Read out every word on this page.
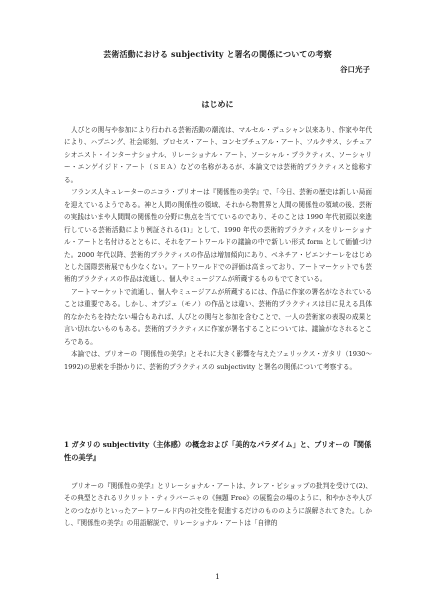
芸術活動における subjectivity と署名の関係についての考察
谷口光子
はじめに

人びとの関与や参加により行われる芸術活動の潮流は、マルセル・デュシャン以来あり、作家や年代により、ハプニング、社会彫刻、プロセス・アート、コンセプチュアル・アート、フルクサス、シチュアシオニスト・インターナショナル、リレーショナル・アート、ソーシャル・プラクティス、ソーシャリー・エンゲイジド・アート（ＳＥＡ）などの名称があるが、本論文では芸術的プラクティスと総称する。

フランス人キュレーターのニコラ・ブリオーは『関係性の美学』で、「今日、芸術の歴史は新しい局面を迎えているようである。神と人間の関係性の領域、それから物質界と人間の関係性の領域の後、芸術の実践はいまや人間間の関係性の分野に焦点を当てているのであり、そのことは 1990 年代初頭以来進行している芸術活動により例証される(1)」として、1990 年代の芸術的プラクティスをリレーショナル・アートと名付けるとともに、それをアートワールドの議論の中で新しい形式 form として価値づけた。2000 年代以降、芸術的プラクティスの作品は増加傾向にあり、ベネチア・ビエンナーレをはじめとした国際芸術展でも少なくない。アートワールドでの評価は高まっており、アートマーケットでも芸術的プラクティスの作品は流通し、個人やミュージアムが所蔵するものもでてきている。

アートマーケットで流通し、個人やミュージアムが所蔵するには、作品に作家の署名がなされていることは重要である。しかし、オブジェ（モノ）の作品とは違い、芸術的プラクティスは目に見える具体的なかたちを持たない場合もあれば、人びとの関与と参加を含むことで、一人の芸術家の表現の成果と言い切れないものもある。芸術的プラクティスに作家が署名することについては、議論がなされるところである。

本論では、ブリオーの『関係性の美学』とそれに大きく影響を与えたフェリックス・ガタリ（1930〜1992)の思索を手掛かりに、芸術的プラクティスの subjectivity と署名の関係について考察する。

1 ガタリの subjectivity（主体感）の概念および「美的なパラダイム」と、ブリオーの『関係性の美学』

ブリオーの『関係性の美学』とリレーショナル・アートは、クレア・ビショップの批判を受けて(2)、その典型とされるリクリット・ティラバーニャの《無題 Free》の展覧会の場のように、和やかさや人びとのつながりといったアートワールド内の社交性を促進するだけのもののように誤解されてきた。しかし、『関係性の美学』の用語解説で、リレーショナル・アートは「自律的

1
